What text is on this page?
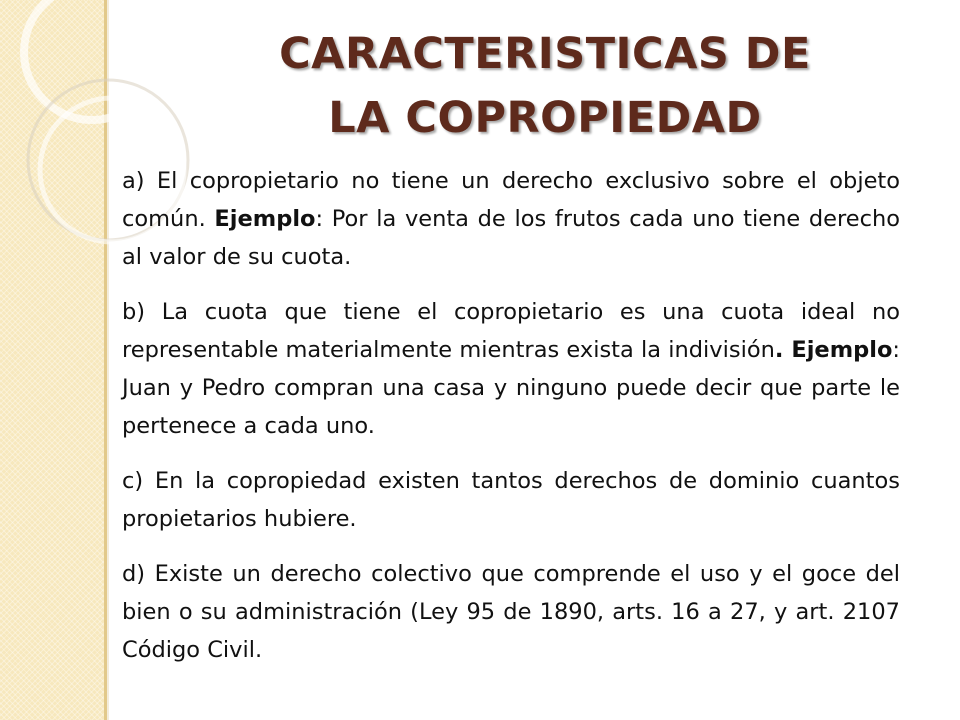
CARACTERISTICAS DE
LA COPROPIEDAD

a) El copropietario no tiene un derecho exclusivo sobre el objeto común. Ejemplo: Por la venta de los frutos cada uno tiene derecho al valor de su cuota.

b) La cuota que tiene el copropietario es una cuota ideal no representable materialmente mientras exista la indivisión. Ejemplo: Juan y Pedro compran una casa y ninguno puede decir que parte le pertenece a cada uno.

c) En la copropiedad existen tantos derechos de dominio cuantos propietarios hubiere.

d) Existe un derecho colectivo que comprende el uso y el goce del bien o su administración (Ley 95 de 1890, arts. 16 a 27, y art. 2107 Código Civil.
